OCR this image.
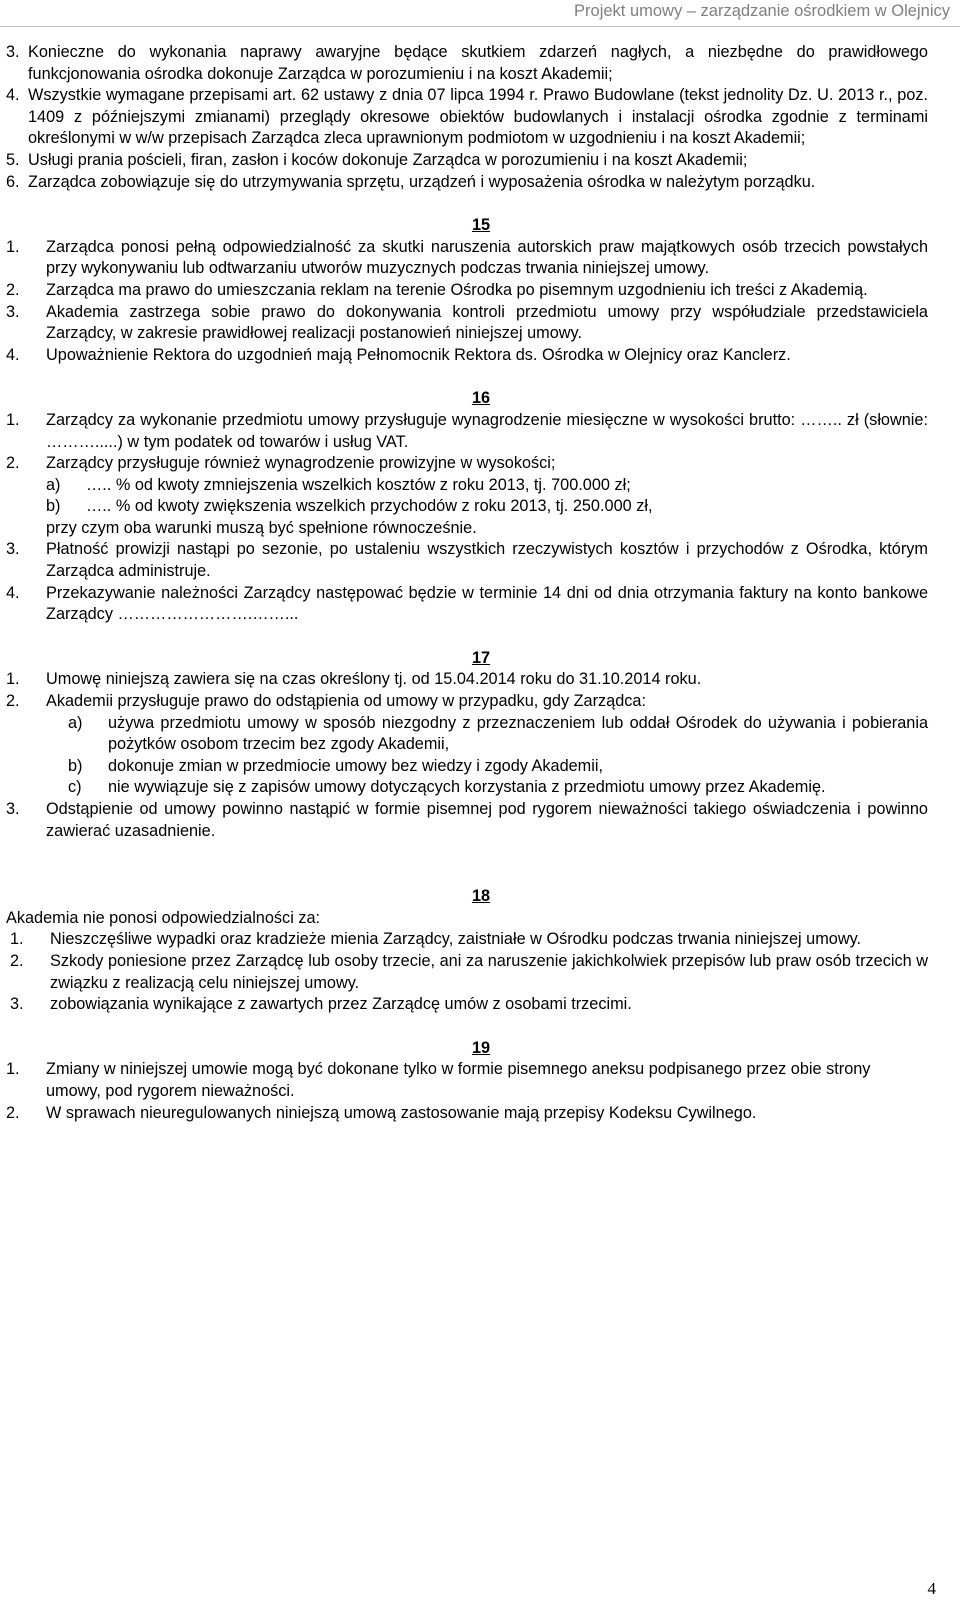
Projekt umowy – zarządzanie ośrodkiem w Olejnicy
3. Konieczne do wykonania naprawy awaryjne będące skutkiem zdarzeń nagłych, a niezbędne do prawidłowego funkcjonowania ośrodka dokonuje Zarządca w porozumieniu i na koszt Akademii;
4. Wszystkie wymagane przepisami art. 62 ustawy z dnia 07 lipca 1994 r. Prawo Budowlane (tekst jednolity Dz. U. 2013 r., poz. 1409 z późniejszymi zmianami) przeglądy okresowe obiektów budowlanych i instalacji ośrodka zgodnie z terminami określonymi w w/w przepisach Zarządca zleca uprawnionym podmiotom w uzgodnieniu i na koszt Akademii;
5. Usługi prania pościeli, firan, zasłon i koców dokonuje Zarządca w porozumieniu i na koszt Akademii;
6. Zarządca zobowiązuje się do utrzymywania sprzętu, urządzeń i wyposażenia ośrodka w należytym porządku.
15
1.	Zarządca ponosi pełną odpowiedzialność za skutki naruszenia autorskich praw majątkowych osób trzecich powstałych przy wykonywaniu lub odtwarzaniu utworów muzycznych podczas trwania niniejszej umowy.
2.	Zarządca ma prawo do umieszczania reklam na terenie Ośrodka po pisemnym uzgodnieniu ich treści z Akademią.
3.	Akademia zastrzega sobie prawo do dokonywania kontroli przedmiotu umowy przy współudziale przedstawiciela Zarządcy, w zakresie prawidłowej realizacji postanowień niniejszej umowy.
4.	Upoważnienie Rektora do uzgodnień mają Pełnomocnik Rektora ds. Ośrodka w Olejnicy oraz Kanclerz.
16
1.	Zarządcy za wykonanie przedmiotu umowy przysługuje wynagrodzenie miesięczne w wysokości brutto: …….. zł (słownie: ……….....) w tym podatek od towarów i usług VAT.
2.	Zarządcy przysługuje również wynagrodzenie prowizyjne w wysokości;
a)	….. % od kwoty zmniejszenia wszelkich kosztów z roku 2013, tj. 700.000 zł;
b)	….. % od kwoty zwiększenia wszelkich przychodów z roku 2013, tj. 250.000 zł,
przy czym oba warunki muszą być spełnione równocześnie.
3.	Płatność prowizji nastąpi po sezonie, po ustaleniu wszystkich rzeczywistych kosztów i przychodów z Ośrodka, którym Zarządca administruje.
4.	Przekazywanie należności Zarządcy następować będzie w terminie 14 dni od dnia otrzymania faktury na konto bankowe Zarządcy …………………….……...
17
1.	Umowę niniejszą zawiera się na czas określony tj. od 15.04.2014 roku do 31.10.2014 roku.
2.	Akademii przysługuje prawo do odstąpienia od umowy w przypadku, gdy Zarządca:
a)	używa przedmiotu umowy w sposób niezgodny z przeznaczeniem lub oddał Ośrodek do używania i pobierania pożytków osobom trzecim bez zgody Akademii,
b)	dokonuje zmian w przedmiocie umowy bez wiedzy i zgody Akademii,
c)	nie wywiązuje się z zapisów umowy dotyczących korzystania z przedmiotu umowy przez Akademię.
3.	Odstąpienie od umowy powinno nastąpić w formie pisemnej pod rygorem nieważności takiego oświadczenia i powinno zawierać uzasadnienie.
18
Akademia nie ponosi odpowiedzialności za:
1.	Nieszczęśliwe wypadki oraz kradzieże mienia Zarządcy, zaistniałe w Ośrodku podczas trwania niniejszej umowy.
2.	Szkody poniesione przez Zarządcę lub osoby trzecie, ani za naruszenie jakichkolwiek przepisów lub praw osób trzecich w związku z realizacją celu niniejszej umowy.
3.	zobowiązania wynikające z zawartych przez Zarządcę umów z osobami trzecimi.
19
1.	Zmiany w niniejszej umowie mogą być dokonane tylko w formie pisemnego aneksu podpisanego przez obie strony umowy, pod rygorem nieważności.
2.	W sprawach nieuregulowanych niniejszą umową zastosowanie mają przepisy Kodeksu Cywilnego.
4
